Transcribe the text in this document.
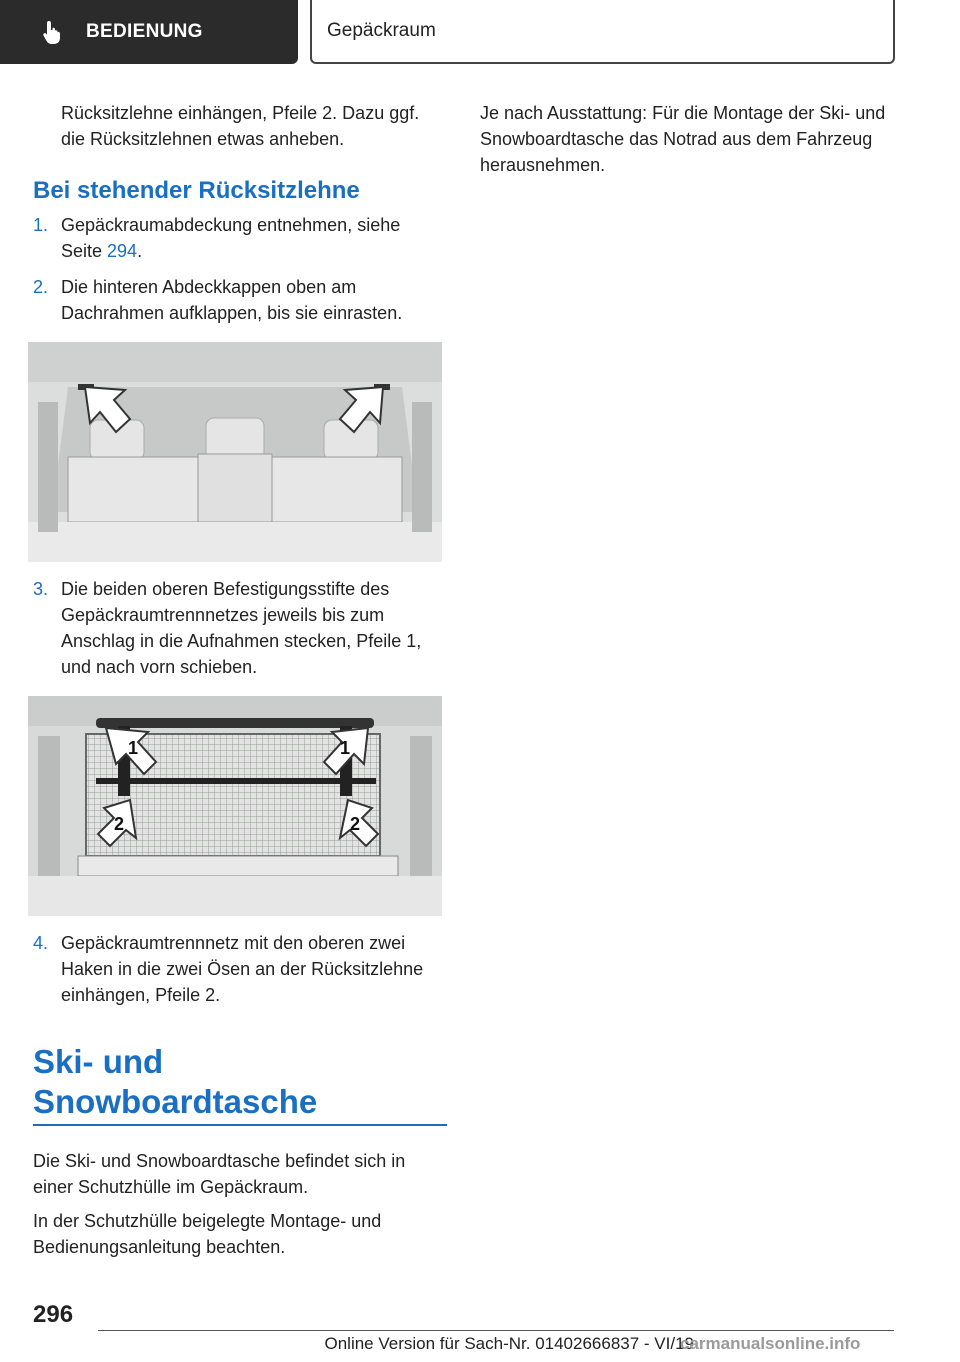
BEDIENUNG	Gepäckraum

Rücksitzlehne einhängen, Pfeile 2. Dazu ggf. die Rücksitzlehnen etwas anheben.

Bei stehender Rücksitzlehne
1. Gepäckraumabdeckung entnehmen, siehe Seite 294.
2. Die hinteren Abdeckkappen oben am Dachrahmen aufklappen, bis sie einrasten.
3. Die beiden oberen Befestigungsstifte des Gepäckraumtrennnetzes jeweils bis zum Anschlag in die Aufnahmen stecken, Pfeile 1, und nach vorn schieben.
1	1
2	2
4. Gepäckraumtrennnetz mit den oberen zwei Haken in die zwei Ösen an der Rücksitzlehne einhängen, Pfeile 2.
Ski- und Snowboardtasche

Die Ski- und Snowboardtasche befindet sich in einer Schutzhülle im Gepäckraum.

In der Schutzhülle beigelegte Montage- und Bedienungsanleitung beachten.

Je nach Ausstattung: Für die Montage der Ski- und Snowboardtasche das Notrad aus dem Fahrzeug herausnehmen.

296
Online Version für Sach-Nr. 01402666837 - VI/19
carmanualsonline.info
